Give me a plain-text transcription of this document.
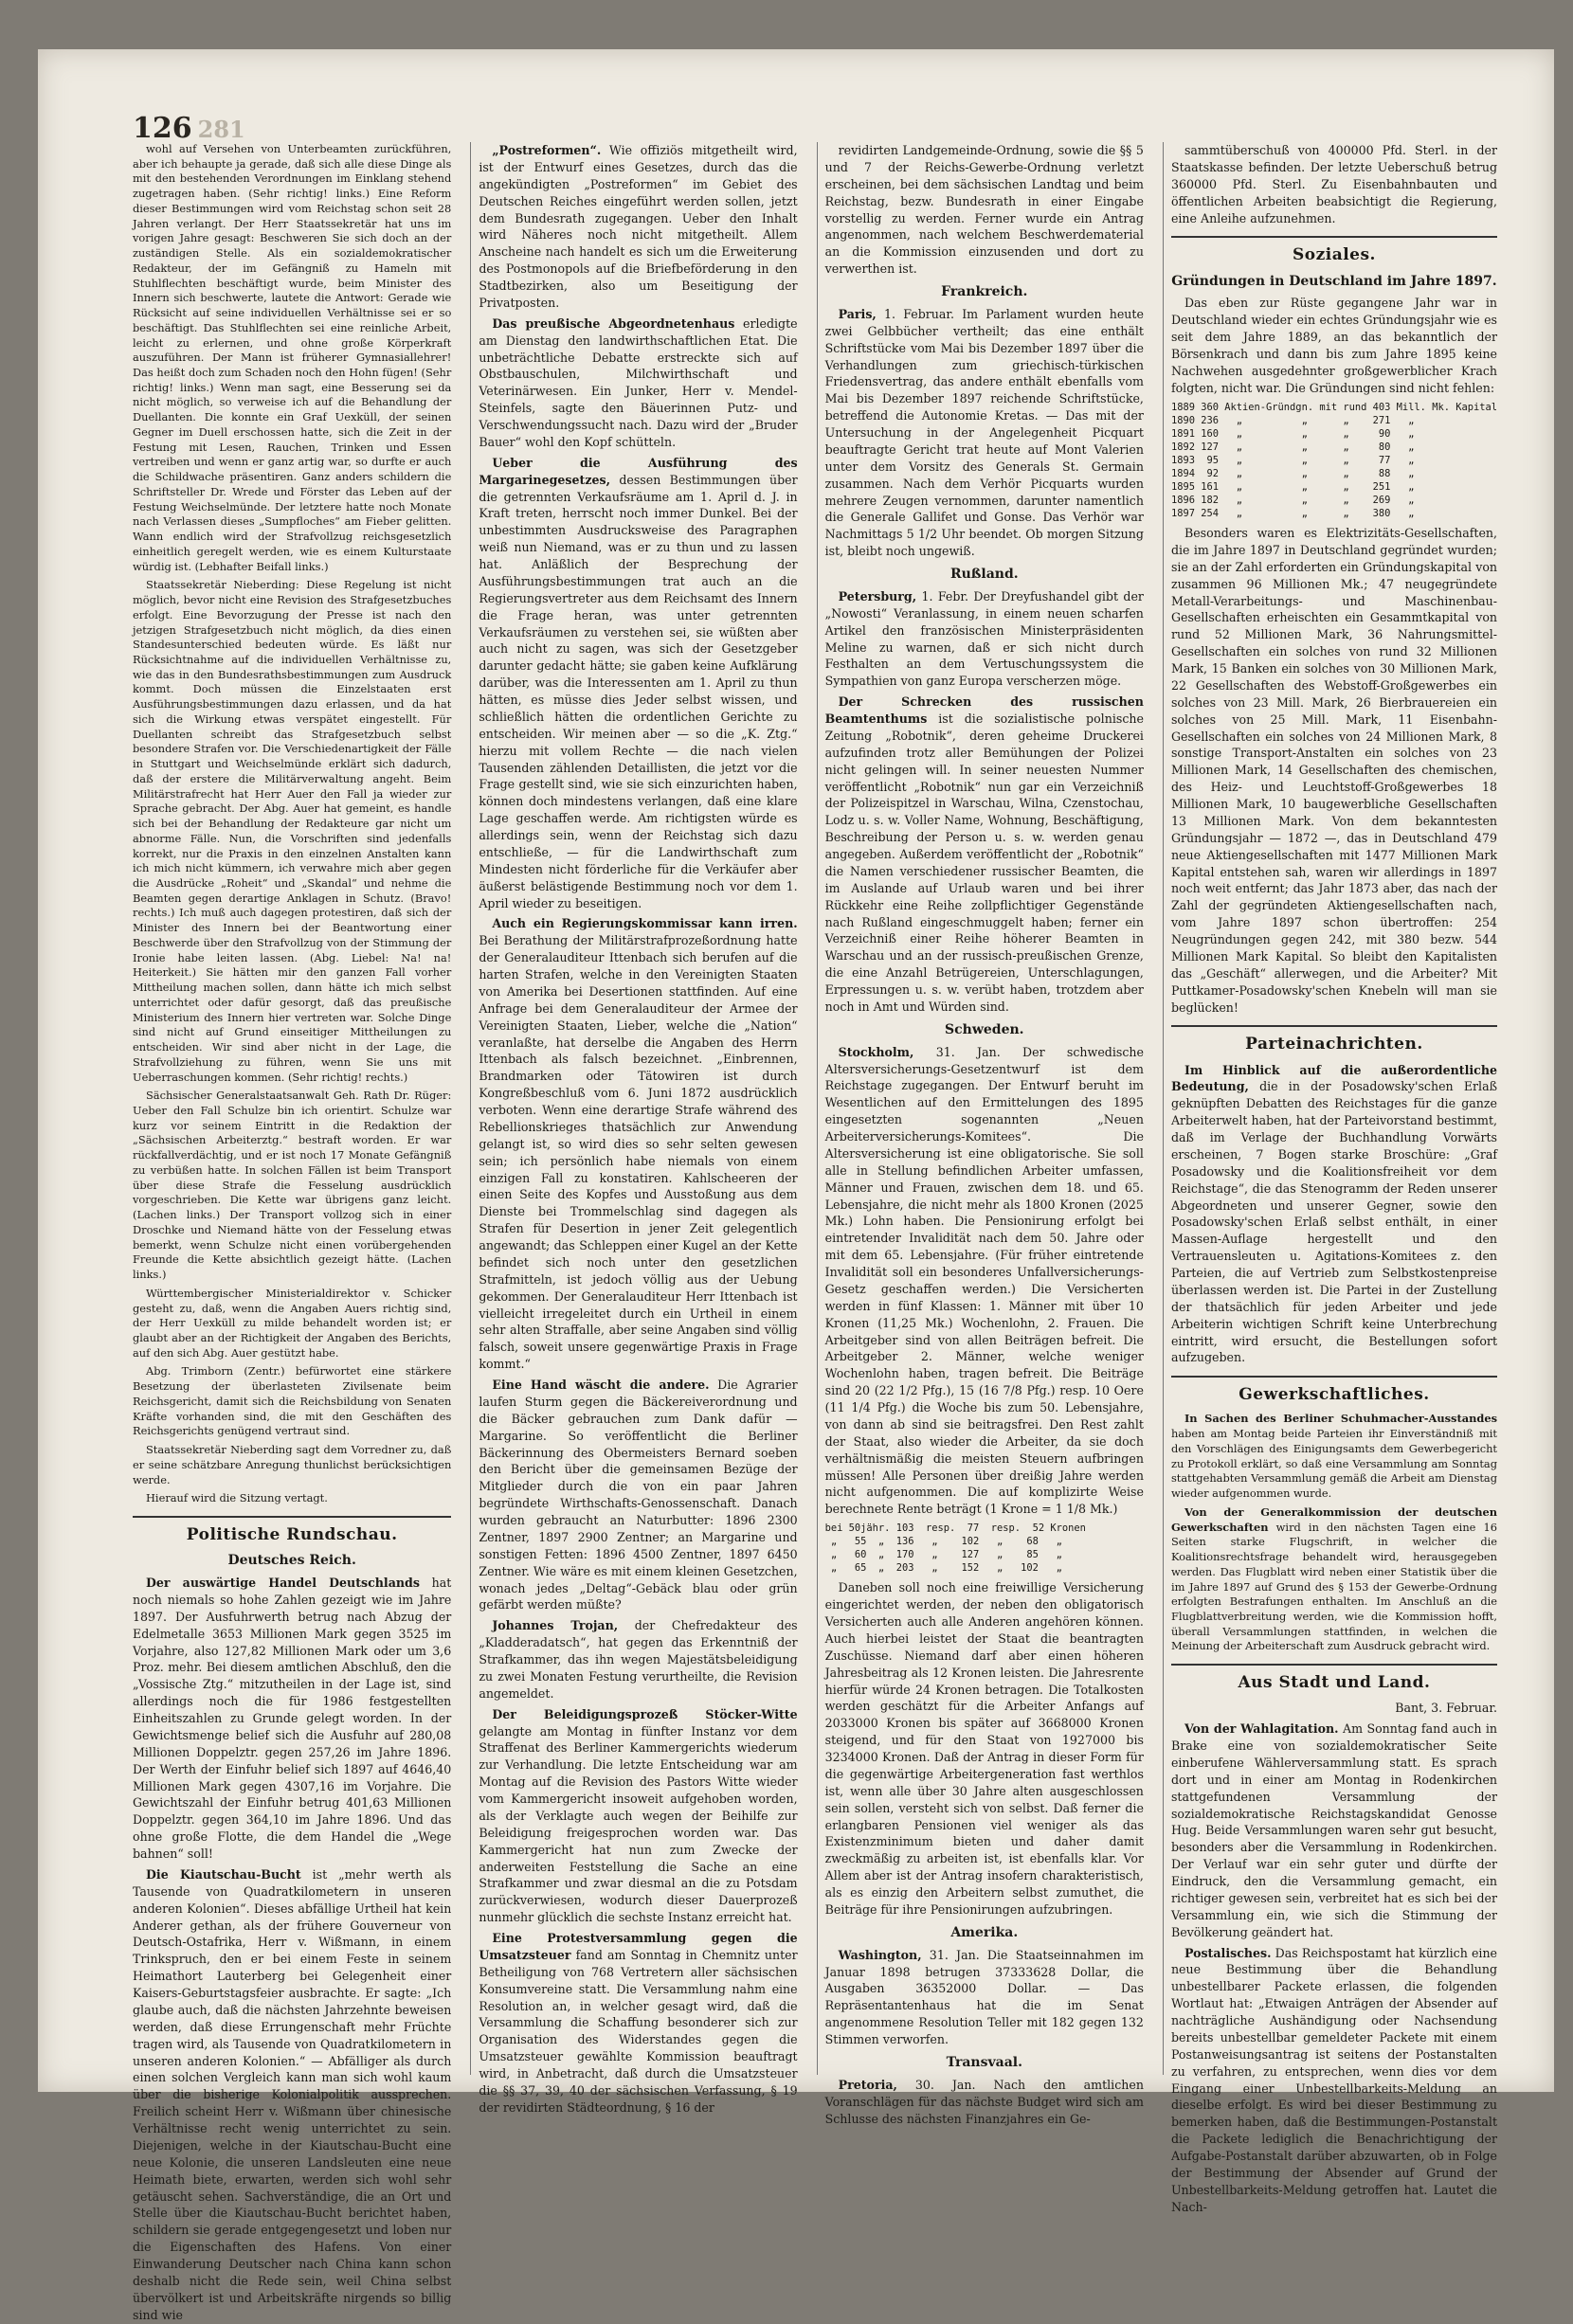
126 281

wohl auf Versehen von Unterbeamten zurückführen, aber ich behaupte ja gerade, daß sich alle diese Dinge als mit den bestehenden Verordnungen im Einklang stehend zugetragen haben. (Sehr richtig! links.) Eine Reform dieser Bestimmungen wird vom Reichstag schon seit 28 Jahren verlangt. Der Herr Staatssekretär hat uns im vorigen Jahre gesagt: Beschweren Sie sich doch an der zuständigen Stelle. Als ein sozialdemokratischer Redakteur, der im Gefängniß zu Hameln mit Stuhlflechten beschäftigt wurde, beim Minister des Innern sich beschwerte, lautete die Antwort: Gerade wie Rücksicht auf seine individuellen Verhältnisse sei er so beschäftigt. Das Stuhlflechten sei eine reinliche Arbeit, leicht zu erlernen, und ohne große Körperkraft auszuführen. Der Mann ist früherer Gymnasiallehrer! Das heißt doch zum Schaden noch den Hohn fügen! (Sehr richtig! links.) Wenn man sagt, eine Besserung sei da nicht möglich, so verweise ich auf die Behandlung der Duellanten. Die konnte ein Graf Uexküll, der seinen Gegner im Duell erschossen hatte, sich die Zeit in der Festung mit Lesen, Rauchen, Trinken und Essen vertreiben und wenn er ganz artig war, so durfte er auch die Schildwache präsentiren. Ganz anders schildern die Schriftsteller Dr. Wrede und Förster das Leben auf der Festung Weichselmünde. Der letztere hatte noch Monate nach Verlassen dieses „Sumpfloches“ am Fieber gelitten. Wann endlich wird der Strafvollzug reichsgesetzlich einheitlich geregelt werden, wie es einem Kulturstaate würdig ist. (Lebhafter Beifall links.)

Staatssekretär Nieberding: Diese Regelung ist nicht möglich, bevor nicht eine Revision des Strafgesetzbuches erfolgt. Eine Bevorzugung der Presse ist nach den jetzigen Strafgesetzbuch nicht möglich, da dies einen Standesunterschied bedeuten würde. Es läßt nur Rücksichtnahme auf die individuellen Verhältnisse zu, wie das in den Bundesrathsbestimmungen zum Ausdruck kommt. Doch müssen die Einzelstaaten erst Ausführungsbestimmungen dazu erlassen, und da hat sich die Wirkung etwas verspätet eingestellt. Für Duellanten schreibt das Strafgesetzbuch selbst besondere Strafen vor. Die Verschiedenartigkeit der Fälle in Stuttgart und Weichselmünde erklärt sich dadurch, daß der erstere die Militärverwaltung angeht. Beim Militärstrafrecht hat Herr Auer den Fall ja wieder zur Sprache gebracht. Der Abg. Auer hat gemeint, es handle sich bei der Behandlung der Redakteure gar nicht um abnorme Fälle. Nun, die Vorschriften sind jedenfalls korrekt, nur die Praxis in den einzelnen Anstalten kann ich mich nicht kümmern, ich verwahre mich aber gegen die Ausdrücke „Roheit“ und „Skandal“ und nehme die Beamten gegen derartige Anklagen in Schutz. (Bravo! rechts.) Ich muß auch dagegen protestiren, daß sich der Minister des Innern bei der Beantwortung einer Beschwerde über den Strafvollzug von der Stimmung der Ironie habe leiten lassen. (Abg. Liebel: Na! na! Heiterkeit.) Sie hätten mir den ganzen Fall vorher Mittheilung machen sollen, dann hätte ich mich selbst unterrichtet oder dafür gesorgt, daß das preußische Ministerium des Innern hier vertreten war. Solche Dinge sind nicht auf Grund einseitiger Mittheilungen zu entscheiden. Wir sind aber nicht in der Lage, die Strafvollziehung zu führen, wenn Sie uns mit Ueberraschungen kommen. (Sehr richtig! rechts.)

Sächsischer Generalstaatsanwalt Geh. Rath Dr. Rüger: Ueber den Fall Schulze bin ich orientirt. Schulze war kurz vor seinem Eintritt in die Redaktion der „Sächsischen Arbeiterztg.“ bestraft worden. Er war rückfallverdächtig, und er ist noch 17 Monate Gefängniß zu verbüßen hatte. In solchen Fällen ist beim Transport über diese Strafe die Fesselung ausdrücklich vorgeschrieben. Die Kette war übrigens ganz leicht. (Lachen links.) Der Transport vollzog sich in einer Droschke und Niemand hätte von der Fesselung etwas bemerkt, wenn Schulze nicht einen vorübergehenden Freunde die Kette absichtlich gezeigt hätte. (Lachen links.)

Württembergischer Ministerialdirektor v. Schicker gesteht zu, daß, wenn die Angaben Auers richtig sind, der Herr Uexküll zu milde behandelt worden ist; er glaubt aber an der Richtigkeit der Angaben des Berichts, auf den sich Abg. Auer gestützt habe.

Abg. Trimborn (Zentr.) befürwortet eine stärkere Besetzung der überlasteten Zivilsenate beim Reichsgericht, damit sich die Reichsbildung von Senaten Kräfte vorhanden sind, die mit den Geschäften des Reichsgerichts genügend vertraut sind.

Staatssekretär Nieberding sagt dem Vorredner zu, daß er seine schätzbare Anregung thunlichst berücksichtigen werde.

Hierauf wird die Sitzung vertagt.

Politische Rundschau.
Deutsches Reich.

Der auswärtige Handel Deutschlands hat noch niemals so hohe Zahlen gezeigt wie im Jahre 1897. Der Ausfuhrwerth betrug nach Abzug der Edelmetalle 3653 Millionen Mark gegen 3525 im Vorjahre, also 127,82 Millionen Mark oder um 3,6 Proz. mehr. Bei diesem amtlichen Abschluß, den die „Vossische Ztg.“ mitzutheilen in der Lage ist, sind allerdings noch die für 1986 festgestellten Einheitszahlen zu Grunde gelegt worden. In der Gewichtsmenge belief sich die Ausfuhr auf 280,08 Millionen Doppelztr. gegen 257,26 im Jahre 1896. Der Werth der Einfuhr belief sich 1897 auf 4646,40 Millionen Mark gegen 4307,16 im Vorjahre. Die Gewichtszahl der Einfuhr betrug 401,63 Millionen Doppelztr. gegen 364,10 im Jahre 1896. Und das ohne große Flotte, die dem Handel die „Wege bahnen“ soll!

Die Kiautschau-Bucht ist „mehr werth als Tausende von Quadratkilometern in unseren anderen Kolonien“. Dieses abfällige Urtheil hat kein Anderer gethan, als der frühere Gouverneur von Deutsch-Ostafrika, Herr v. Wißmann, in einem Trinkspruch, den er bei einem Feste in seinem Heimathort Lauterberg bei Gelegenheit einer Kaisers-Geburtstagsfeier ausbrachte. Er sagte: „Ich glaube auch, daß die nächsten Jahrzehnte beweisen werden, daß diese Errungenschaft mehr Früchte tragen wird, als Tausende von Quadratkilometern in unseren anderen Kolonien.“ — Abfälliger als durch einen solchen Vergleich kann man sich wohl kaum über die bisherige Kolonialpolitik aussprechen. Freilich scheint Herr v. Wißmann über chinesische Verhältnisse recht wenig unterrichtet zu sein. Diejenigen, welche in der Kiautschau-Bucht eine neue Kolonie, die unseren Landsleuten eine neue Heimath biete, erwarten, werden sich wohl sehr getäuscht sehen. Sachverständige, die an Ort und Stelle über die Kiautschau-Bucht berichtet haben, schildern sie gerade entgegengesetzt und loben nur die Eigenschaften des Hafens. Von einer Einwanderung Deutscher nach China kann schon deshalb nicht die Rede sein, weil China selbst übervölkert ist und Arbeitskräfte nirgends so billig sind wie

„Postreformen“. Wie offiziös mitgetheilt wird, ist der Entwurf eines Gesetzes, durch das die angekündigten „Postreformen“ im Gebiet des Deutschen Reiches eingeführt werden sollen, jetzt dem Bundesrath zugegangen. Ueber den Inhalt wird Näheres noch nicht mitgetheilt. Allem Anscheine nach handelt es sich um die Erweiterung des Postmonopols auf die Briefbeförderung in den Stadtbezirken, also um Beseitigung der Privatposten.

Das preußische Abgeordnetenhaus erledigte am Dienstag den landwirthschaftlichen Etat. Die unbeträchtliche Debatte erstreckte sich auf Obstbauschulen, Milchwirthschaft und Veterinärwesen. Ein Junker, Herr v. Mendel-Steinfels, sagte den Bäuerinnen Putz- und Verschwendungssucht nach. Dazu wird der „Bruder Bauer“ wohl den Kopf schütteln.

Ueber die Ausführung des Margarinegesetzes, dessen Bestimmungen über die getrennten Verkaufsräume am 1. April d. J. in Kraft treten, herrscht noch immer Dunkel. Bei der unbestimmten Ausdrucksweise des Paragraphen weiß nun Niemand, was er zu thun und zu lassen hat. Anläßlich der Besprechung der Ausführungsbestimmungen trat auch an die Regierungsvertreter aus dem Reichsamt des Innern die Frage heran, was unter getrennten Verkaufsräumen zu verstehen sei, sie wüßten aber auch nicht zu sagen, was sich der Gesetzgeber darunter gedacht hätte; sie gaben keine Aufklärung darüber, was die Interessenten am 1. April zu thun hätten, es müsse dies Jeder selbst wissen, und schließlich hätten die ordentlichen Gerichte zu entscheiden. Wir meinen aber — so die „K. Ztg.“ hierzu mit vollem Rechte — die nach vielen Tausenden zählenden Detaillisten, die jetzt vor die Frage gestellt sind, wie sie sich einzurichten haben, können doch mindestens verlangen, daß eine klare Lage geschaffen werde. Am richtigsten würde es allerdings sein, wenn der Reichstag sich dazu entschließe, — für die Landwirthschaft zum Mindesten nicht förderliche für die Verkäufer aber äußerst belästigende Bestimmung noch vor dem 1. April wieder zu beseitigen.

Auch ein Regierungskommissar kann irren. Bei Berathung der Militärstrafprozeßordnung hatte der Generalauditeur Ittenbach sich berufen auf die harten Strafen, welche in den Vereinigten Staaten von Amerika bei Desertionen stattfinden. Auf eine Anfrage bei dem Generalauditeur der Armee der Vereinigten Staaten, Lieber, welche die „Nation“ veranlaßte, hat derselbe die Angaben des Herrn Ittenbach als falsch bezeichnet. „Einbrennen, Brandmarken oder Tätowiren ist durch Kongreßbeschluß vom 6. Juni 1872 ausdrücklich verboten. Wenn eine derartige Strafe während des Rebellionskrieges thatsächlich zur Anwendung gelangt ist, so wird dies so sehr selten gewesen sein; ich persönlich habe niemals von einem einzigen Fall zu konstatiren. Kahlscheeren der einen Seite des Kopfes und Ausstoßung aus dem Dienste bei Trommelschlag sind dagegen als Strafen für Desertion in jener Zeit gelegentlich angewandt; das Schleppen einer Kugel an der Kette befindet sich noch unter den gesetzlichen Strafmitteln, ist jedoch völlig aus der Uebung gekommen. Der Generalauditeur Herr Ittenbach ist vielleicht irregeleitet durch ein Urtheil in einem sehr alten Straffalle, aber seine Angaben sind völlig falsch, soweit unsere gegenwärtige Praxis in Frage kommt.“

Eine Hand wäscht die andere. Die Agrarier laufen Sturm gegen die Bäckereiverordnung und die Bäcker gebrauchen zum Dank dafür — Margarine. So veröffentlicht die Berliner Bäckerinnung des Obermeisters Bernard soeben den Bericht über die gemeinsamen Bezüge der Mitglieder durch die von ein paar Jahren begründete Wirthschafts-Genossenschaft. Danach wurden gebraucht an Naturbutter: 1896 2300 Zentner, 1897 2900 Zentner; an Margarine und sonstigen Fetten: 1896 4500 Zentner, 1897 6450 Zentner. Wie wäre es mit einem kleinen Gesetzchen, wonach jedes „Deltag“-Gebäck blau oder grün gefärbt werden müßte?

Johannes Trojan, der Chefredakteur des „Kladderadatsch“, hat gegen das Erkenntniß der Strafkammer, das ihn wegen Majestätsbeleidigung zu zwei Monaten Festung verurtheilte, die Revision angemeldet.

Der Beleidigungsprozeß Stöcker-Witte gelangte am Montag in fünfter Instanz vor dem Straffenat des Berliner Kammergerichts wiederum zur Verhandlung. Die letzte Entscheidung war am Montag auf die Revision des Pastors Witte wieder vom Kammergericht insoweit aufgehoben worden, als der Verklagte auch wegen der Beihilfe zur Beleidigung freigesprochen worden war. Das Kammergericht hat nun zum Zwecke der anderweiten Feststellung die Sache an eine Strafkammer und zwar diesmal an die zu Potsdam zurückverwiesen, wodurch dieser Dauerprozeß nunmehr glücklich die sechste Instanz erreicht hat.

Eine Protestversammlung gegen die Umsatzsteuer fand am Sonntag in Chemnitz unter Betheiligung von 768 Vertretern aller sächsischen Konsumvereine statt. Die Versammlung nahm eine Resolution an, in welcher gesagt wird, daß die Versammlung die Schaffung besonderer sich zur Organisation des Widerstandes gegen die Umsatzsteuer gewählte Kommission beauftragt wird, in Anbetracht, daß durch die Umsatzsteuer die §§ 37, 39, 40 der sächsischen Verfassung, § 19 der revidirten Städteordnung, § 16 der

revidirten Landgemeinde-Ordnung, sowie die §§ 5 und 7 der Reichs-Gewerbe-Ordnung verletzt erscheinen, bei dem sächsischen Landtag und beim Reichstag, bezw. Bundesrath in einer Eingabe vorstellig zu werden. Ferner wurde ein Antrag angenommen, nach welchem Beschwerdematerial an die Kommission einzusenden und dort zu verwerthen ist.

Frankreich.

Paris, 1. Februar. Im Parlament wurden heute zwei Gelbbücher vertheilt; das eine enthält Schriftstücke vom Mai bis Dezember 1897 über die Verhandlungen zum griechisch-türkischen Friedensvertrag, das andere enthält ebenfalls vom Mai bis Dezember 1897 reichende Schriftstücke, betreffend die Autonomie Kretas. — Das mit der Untersuchung in der Angelegenheit Picquart beauftragte Gericht trat heute auf Mont Valerien unter dem Vorsitz des Generals St. Germain zusammen. Nach dem Verhör Picquarts wurden mehrere Zeugen vernommen, darunter namentlich die Generale Gallifet und Gonse. Das Verhör war Nachmittags 5 1/2 Uhr beendet. Ob morgen Sitzung ist, bleibt noch ungewiß.

Rußland.

Petersburg, 1. Febr. Der Dreyfushandel gibt der „Nowosti“ Veranlassung, in einem neuen scharfen Artikel den französischen Ministerpräsidenten Meline zu warnen, daß er sich nicht durch Festhalten an dem Vertuschungssystem die Sympathien von ganz Europa verscherzen möge.

Der Schrecken des russischen Beamtenthums ist die sozialistische polnische Zeitung „Robotnik“, deren geheime Druckerei aufzufinden trotz aller Bemühungen der Polizei nicht gelingen will. In seiner neuesten Nummer veröffentlicht „Robotnik“ nun gar ein Verzeichniß der Polizeispitzel in Warschau, Wilna, Czenstochau, Lodz u. s. w. Voller Name, Wohnung, Beschäftigung, Beschreibung der Person u. s. w. werden genau angegeben. Außerdem veröffentlicht der „Robotnik“ die Namen verschiedener russischer Beamten, die im Auslande auf Urlaub waren und bei ihrer Rückkehr eine Reihe zollpflichtiger Gegenstände nach Rußland eingeschmuggelt haben; ferner ein Verzeichniß einer Reihe höherer Beamten in Warschau und an der russisch-preußischen Grenze, die eine Anzahl Betrügereien, Unterschlagungen, Erpressungen u. s. w. verübt haben, trotzdem aber noch in Amt und Würden sind.

Schweden.

Stockholm, 31. Jan. Der schwedische Altersversicherungs-Gesetzentwurf ist dem Reichstage zugegangen. Der Entwurf beruht im Wesentlichen auf den Ermittelungen des 1895 eingesetzten sogenannten „Neuen Arbeiterversicherungs-Komitees“. Die Altersversicherung ist eine obligatorische. Sie soll alle in Stellung befindlichen Arbeiter umfassen, Männer und Frauen, zwischen dem 18. und 65. Lebensjahre, die nicht mehr als 1800 Kronen (2025 Mk.) Lohn haben. Die Pensionirung erfolgt bei eintretender Invalidität nach dem 50. Jahre oder mit dem 65. Lebensjahre. (Für früher eintretende Invalidität soll ein besonderes Unfallversicherungs-Gesetz geschaffen werden.) Die Versicherten werden in fünf Klassen: 1. Männer mit über 10 Kronen (11,25 Mk.) Wochenlohn, 2. Frauen. Die Arbeitgeber sind von allen Beiträgen befreit. Die Arbeitgeber 2. Männer, welche weniger Wochenlohn haben, tragen befreit. Die Beiträge sind 20 (22 1/2 Pfg.), 15 (16 7/8 Pfg.) resp. 10 Oere (11 1/4 Pfg.) die Woche bis zum 50. Lebensjahre, von dann ab sind sie beitragsfrei. Den Rest zahlt der Staat, also wieder die Arbeiter, da sie doch verhältnismäßig die meisten Steuern aufbringen müssen! Alle Personen über dreißig Jahre werden nicht aufgenommen. Die auf komplizirte Weise berechnete Rente beträgt (1 Krone = 1 1/8 Mk.)

bei 50jähr. 103  resp.  77  resp.  52 Kronen
„   55  „  136   „    102   „    68   „
„   60  „  170   „    127   „    85   „
„   65  „  203   „    152   „   102   „

Daneben soll noch eine freiwillige Versicherung eingerichtet werden, der neben den obligatorisch Versicherten auch alle Anderen angehören können. Auch hierbei leistet der Staat die beantragten Zuschüsse. Niemand darf aber einen höheren Jahresbeitrag als 12 Kronen leisten. Die Jahresrente hierfür würde 24 Kronen betragen. Die Totalkosten werden geschätzt für die Arbeiter Anfangs auf 2033000 Kronen bis später auf 3668000 Kronen steigend, und für den Staat von 1927000 bis 3234000 Kronen. Daß der Antrag in dieser Form für die gegenwärtige Arbeitergeneration fast werthlos ist, wenn alle über 30 Jahre alten ausgeschlossen sein sollen, versteht sich von selbst. Daß ferner die erlangbaren Pensionen viel weniger als das Existenzminimum bieten und daher damit zweckmäßig zu arbeiten ist, ist ebenfalls klar. Vor Allem aber ist der Antrag insofern charakteristisch, als es einzig den Arbeitern selbst zumuthet, die Beiträge für ihre Pensionirungen aufzubringen.

Amerika.

Washington, 31. Jan. Die Staatseinnahmen im Januar 1898 betrugen 37333628 Dollar, die Ausgaben 36352000 Dollar. — Das Repräsentantenhaus hat die im Senat angenommene Resolution Teller mit 182 gegen 132 Stimmen verworfen.

Transvaal.

Pretoria, 30. Jan. Nach den amtlichen Voranschlägen für das nächste Budget wird sich am Schlusse des nächsten Finanzjahres ein Ge-

sammtüberschuß von 400000 Pfd. Sterl. in der Staatskasse befinden. Der letzte Ueberschuß betrug 360000 Pfd. Sterl. Zu Eisenbahnbauten und öffentlichen Arbeiten beabsichtigt die Regierung, eine Anleihe aufzunehmen.

Soziales.
Gründungen in Deutschland im Jahre 1897.

Das eben zur Rüste gegangene Jahr war in Deutschland wieder ein echtes Gründungsjahr wie es seit dem Jahre 1889, an das bekanntlich der Börsenkrach und dann bis zum Jahre 1895 keine Nachwehen ausgedehnter großgewerblicher Krach folgten, nicht war. Die Gründungen sind nicht fehlen:

1889 360 Aktien-Gründgn. mit rund 403 Mill. Mk. Kapital
1890 236   „          „      „    271   „
1891 160   „          „      „     90   „
1892 127   „          „      „     80   „
1893  95   „          „      „     77   „
1894  92   „          „      „     88   „
1895 161   „          „      „    251   „
1896 182   „          „      „    269   „
1897 254   „          „      „    380   „

Besonders waren es Elektrizitäts-Gesellschaften, die im Jahre 1897 in Deutschland gegründet wurden; sie an der Zahl erforderten ein Gründungskapital von zusammen 96 Millionen Mk.; 47 neugegründete Metall-Verarbeitungs- und Maschinenbau-Gesellschaften erheischten ein Gesammtkapital von rund 52 Millionen Mark, 36 Nahrungsmittel-Gesellschaften ein solches von rund 32 Millionen Mark, 15 Banken ein solches von 30 Millionen Mark, 22 Gesellschaften des Webstoff-Großgewerbes ein solches von 23 Mill. Mark, 26 Bierbrauereien ein solches von 25 Mill. Mark, 11 Eisenbahn-Gesellschaften ein solches von 24 Millionen Mark, 8 sonstige Transport-Anstalten ein solches von 23 Millionen Mark, 14 Gesellschaften des chemischen, des Heiz- und Leuchtstoff-Großgewerbes 18 Millionen Mark, 10 baugewerbliche Gesellschaften 13 Millionen Mark. Von dem bekanntesten Gründungsjahr — 1872 —, das in Deutschland 479 neue Aktiengesellschaften mit 1477 Millionen Mark Kapital entstehen sah, waren wir allerdings in 1897 noch weit entfernt; das Jahr 1873 aber, das nach der Zahl der gegründeten Aktiengesellschaften nach, vom Jahre 1897 schon übertroffen: 254 Neugründungen gegen 242, mit 380 bezw. 544 Millionen Mark Kapital. So bleibt den Kapitalisten das „Geschäft“ allerwegen, und die Arbeiter? Mit Puttkamer-Posadowsky'schen Knebeln will man sie beglücken!

Parteinachrichten.

Im Hinblick auf die außerordentliche Bedeutung, die in der Posadowsky'schen Erlaß geknüpften Debatten des Reichstages für die ganze Arbeiterwelt haben, hat der Parteivorstand bestimmt, daß im Verlage der Buchhandlung Vorwärts erscheinen, 7 Bogen starke Broschüre: „Graf Posadowsky und die Koalitionsfreiheit vor dem Reichstage“, die das Stenogramm der Reden unserer Abgeordneten und unserer Gegner, sowie den Posadowsky'schen Erlaß selbst enthält, in einer Massen-Auflage hergestellt und den Vertrauensleuten u. Agitations-Komitees z. den Parteien, die auf Vertrieb zum Selbstkostenpreise überlassen werden ist. Die Partei in der Zustellung der thatsächlich für jeden Arbeiter und jede Arbeiterin wichtigen Schrift keine Unterbrechung eintritt, wird ersucht, die Bestellungen sofort aufzugeben.

Gewerkschaftliches.

In Sachen des Berliner Schuhmacher-Ausstandes haben am Montag beide Parteien ihr Einverständniß mit den Vorschlägen des Einigungsamts dem Gewerbegericht zu Protokoll erklärt, so daß eine Versammlung am Sonntag stattgehabten Versammlung gemäß die Arbeit am Dienstag wieder aufgenommen wurde.

Von der Generalkommission der deutschen Gewerkschaften wird in den nächsten Tagen eine 16 Seiten starke Flugschrift, in welcher die Koalitionsrechtsfrage behandelt wird, herausgegeben werden. Das Flugblatt wird neben einer Statistik über die im Jahre 1897 auf Grund des § 153 der Gewerbe-Ordnung erfolgten Bestrafungen enthalten. Im Anschluß an die Flugblattverbreitung werden, wie die Kommission hofft, überall Versammlungen stattfinden, in welchen die Meinung der Arbeiterschaft zum Ausdruck gebracht wird.

Aus Stadt und Land.
Bant, 3. Februar.

Von der Wahlagitation. Am Sonntag fand auch in Brake eine von sozialdemokratischer Seite einberufene Wählerversammlung statt. Es sprach dort und in einer am Montag in Rodenkirchen stattgefundenen Versammlung der sozialdemokratische Reichstagskandidat Genosse Hug. Beide Versammlungen waren sehr gut besucht, besonders aber die Versammlung in Rodenkirchen. Der Verlauf war ein sehr guter und dürfte der Eindruck, den die Versammlung gemacht, ein richtiger gewesen sein, verbreitet hat es sich bei der Versammlung ein, wie sich die Stimmung der Bevölkerung geändert hat.

Postalisches. Das Reichspostamt hat kürzlich eine neue Bestimmung über die Behandlung unbestellbarer Packete erlassen, die folgenden Wortlaut hat: „Etwaigen Anträgen der Absender auf nachträgliche Aushändigung oder Nachsendung bereits unbestellbar gemeldeter Packete mit einem Postanweisungsantrag ist seitens der Postanstalten zu verfahren, zu entsprechen, wenn dies vor dem Eingang einer Unbestellbarkeits-Meldung an dieselbe erfolgt. Es wird bei dieser Bestimmung zu bemerken haben, daß die Bestimmungen-Postanstalt die Packete lediglich die Benachrichtigung der Aufgabe-Postanstalt darüber abzuwarten, ob in Folge der Bestimmung der Absender auf Grund der Unbestellbarkeits-Meldung getroffen hat. Lautet die Nach-
